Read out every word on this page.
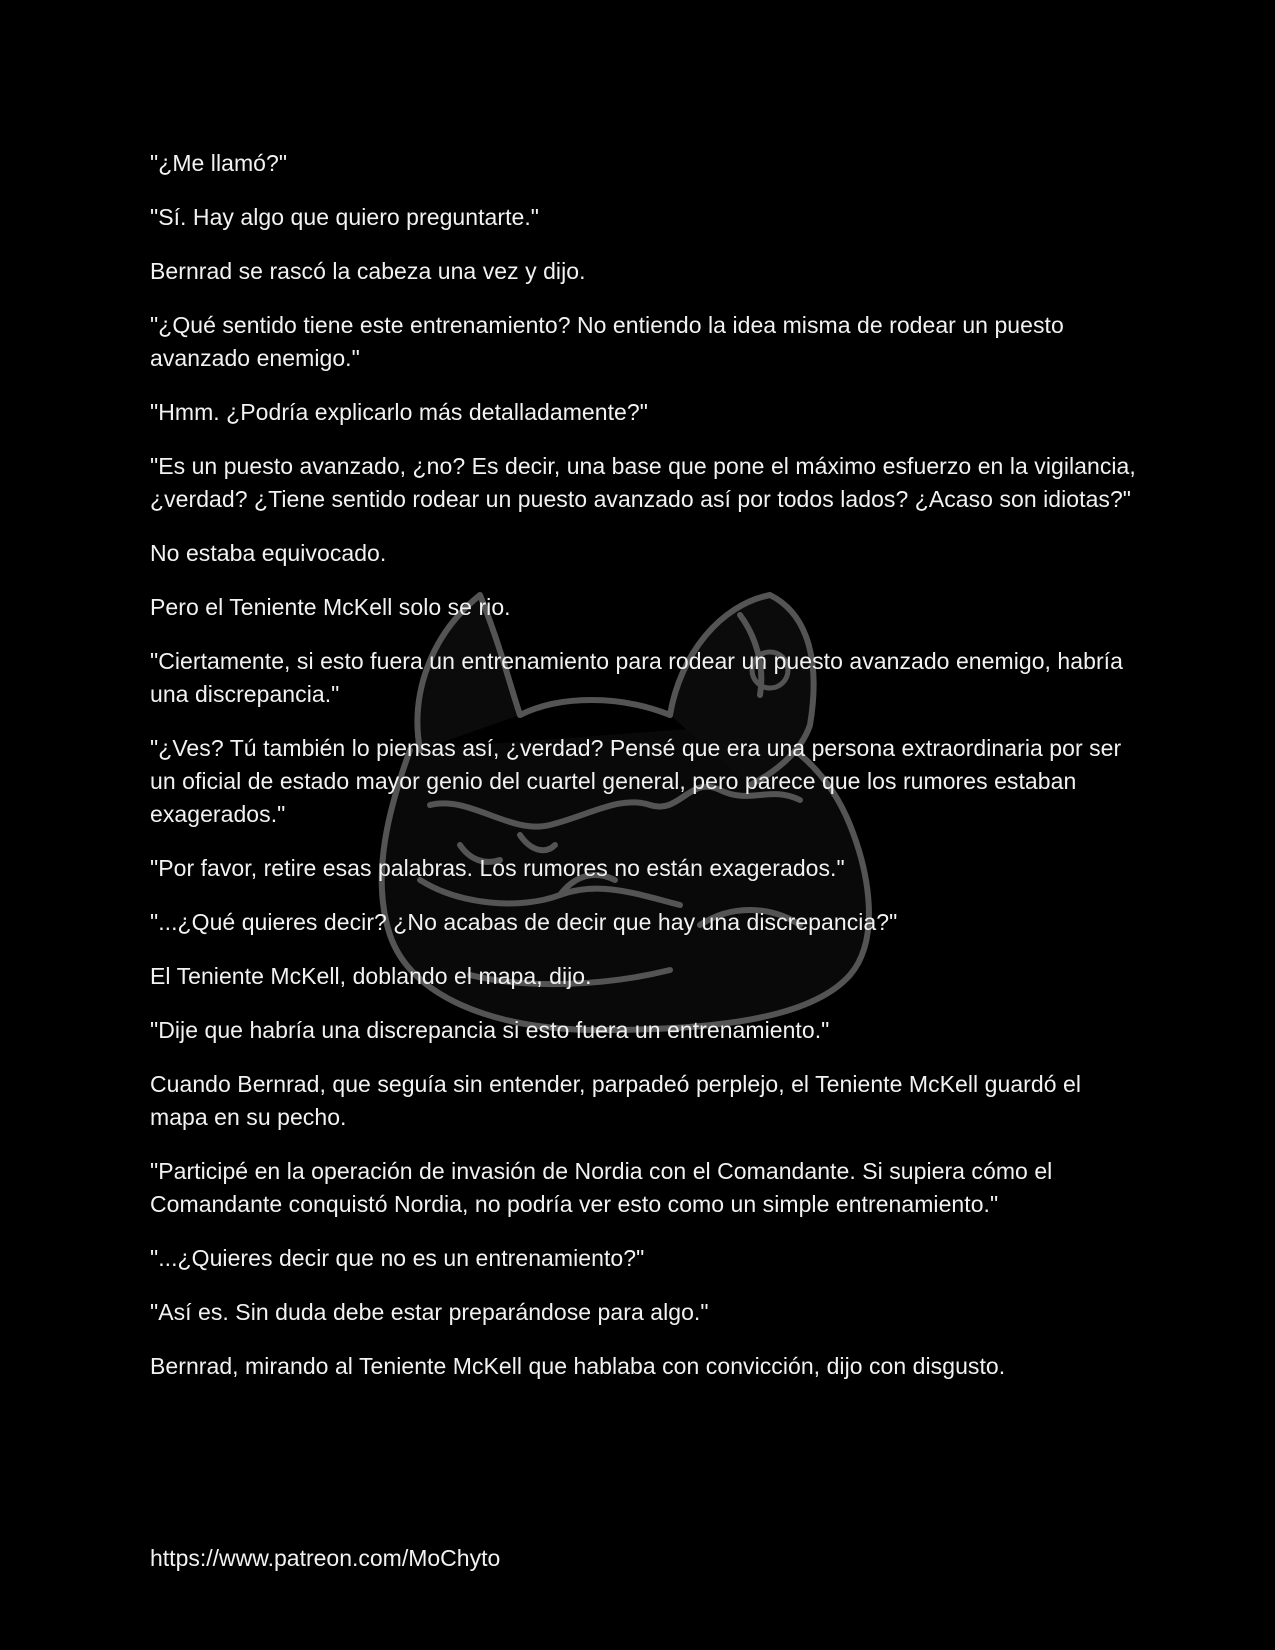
"¿Me llamó?"

"Sí. Hay algo que quiero preguntarte."

Bernrad se rascó la cabeza una vez y dijo.

"¿Qué sentido tiene este entrenamiento? No entiendo la idea misma de rodear un puesto avanzado enemigo."

"Hmm. ¿Podría explicarlo más detalladamente?"

"Es un puesto avanzado, ¿no? Es decir, una base que pone el máximo esfuerzo en la vigilancia, ¿verdad? ¿Tiene sentido rodear un puesto avanzado así por todos lados? ¿Acaso son idiotas?"

No estaba equivocado.

Pero el Teniente McKell solo se rio.

"Ciertamente, si esto fuera un entrenamiento para rodear un puesto avanzado enemigo, habría una discrepancia."

"¿Ves? Tú también lo piensas así, ¿verdad? Pensé que era una persona extraordinaria por ser un oficial de estado mayor genio del cuartel general, pero parece que los rumores estaban exagerados."

"Por favor, retire esas palabras. Los rumores no están exagerados."

"...¿Qué quieres decir? ¿No acabas de decir que hay una discrepancia?"

El Teniente McKell, doblando el mapa, dijo.

"Dije que habría una discrepancia si esto fuera un entrenamiento."

Cuando Bernrad, que seguía sin entender, parpadeó perplejo, el Teniente McKell guardó el mapa en su pecho.

"Participé en la operación de invasión de Nordia con el Comandante. Si supiera cómo el Comandante conquistó Nordia, no podría ver esto como un simple entrenamiento."

"...¿Quieres decir que no es un entrenamiento?"

"Así es. Sin duda debe estar preparándose para algo."

Bernrad, mirando al Teniente McKell que hablaba con convicción, dijo con disgusto.

https://www.patreon.com/MoChyto
